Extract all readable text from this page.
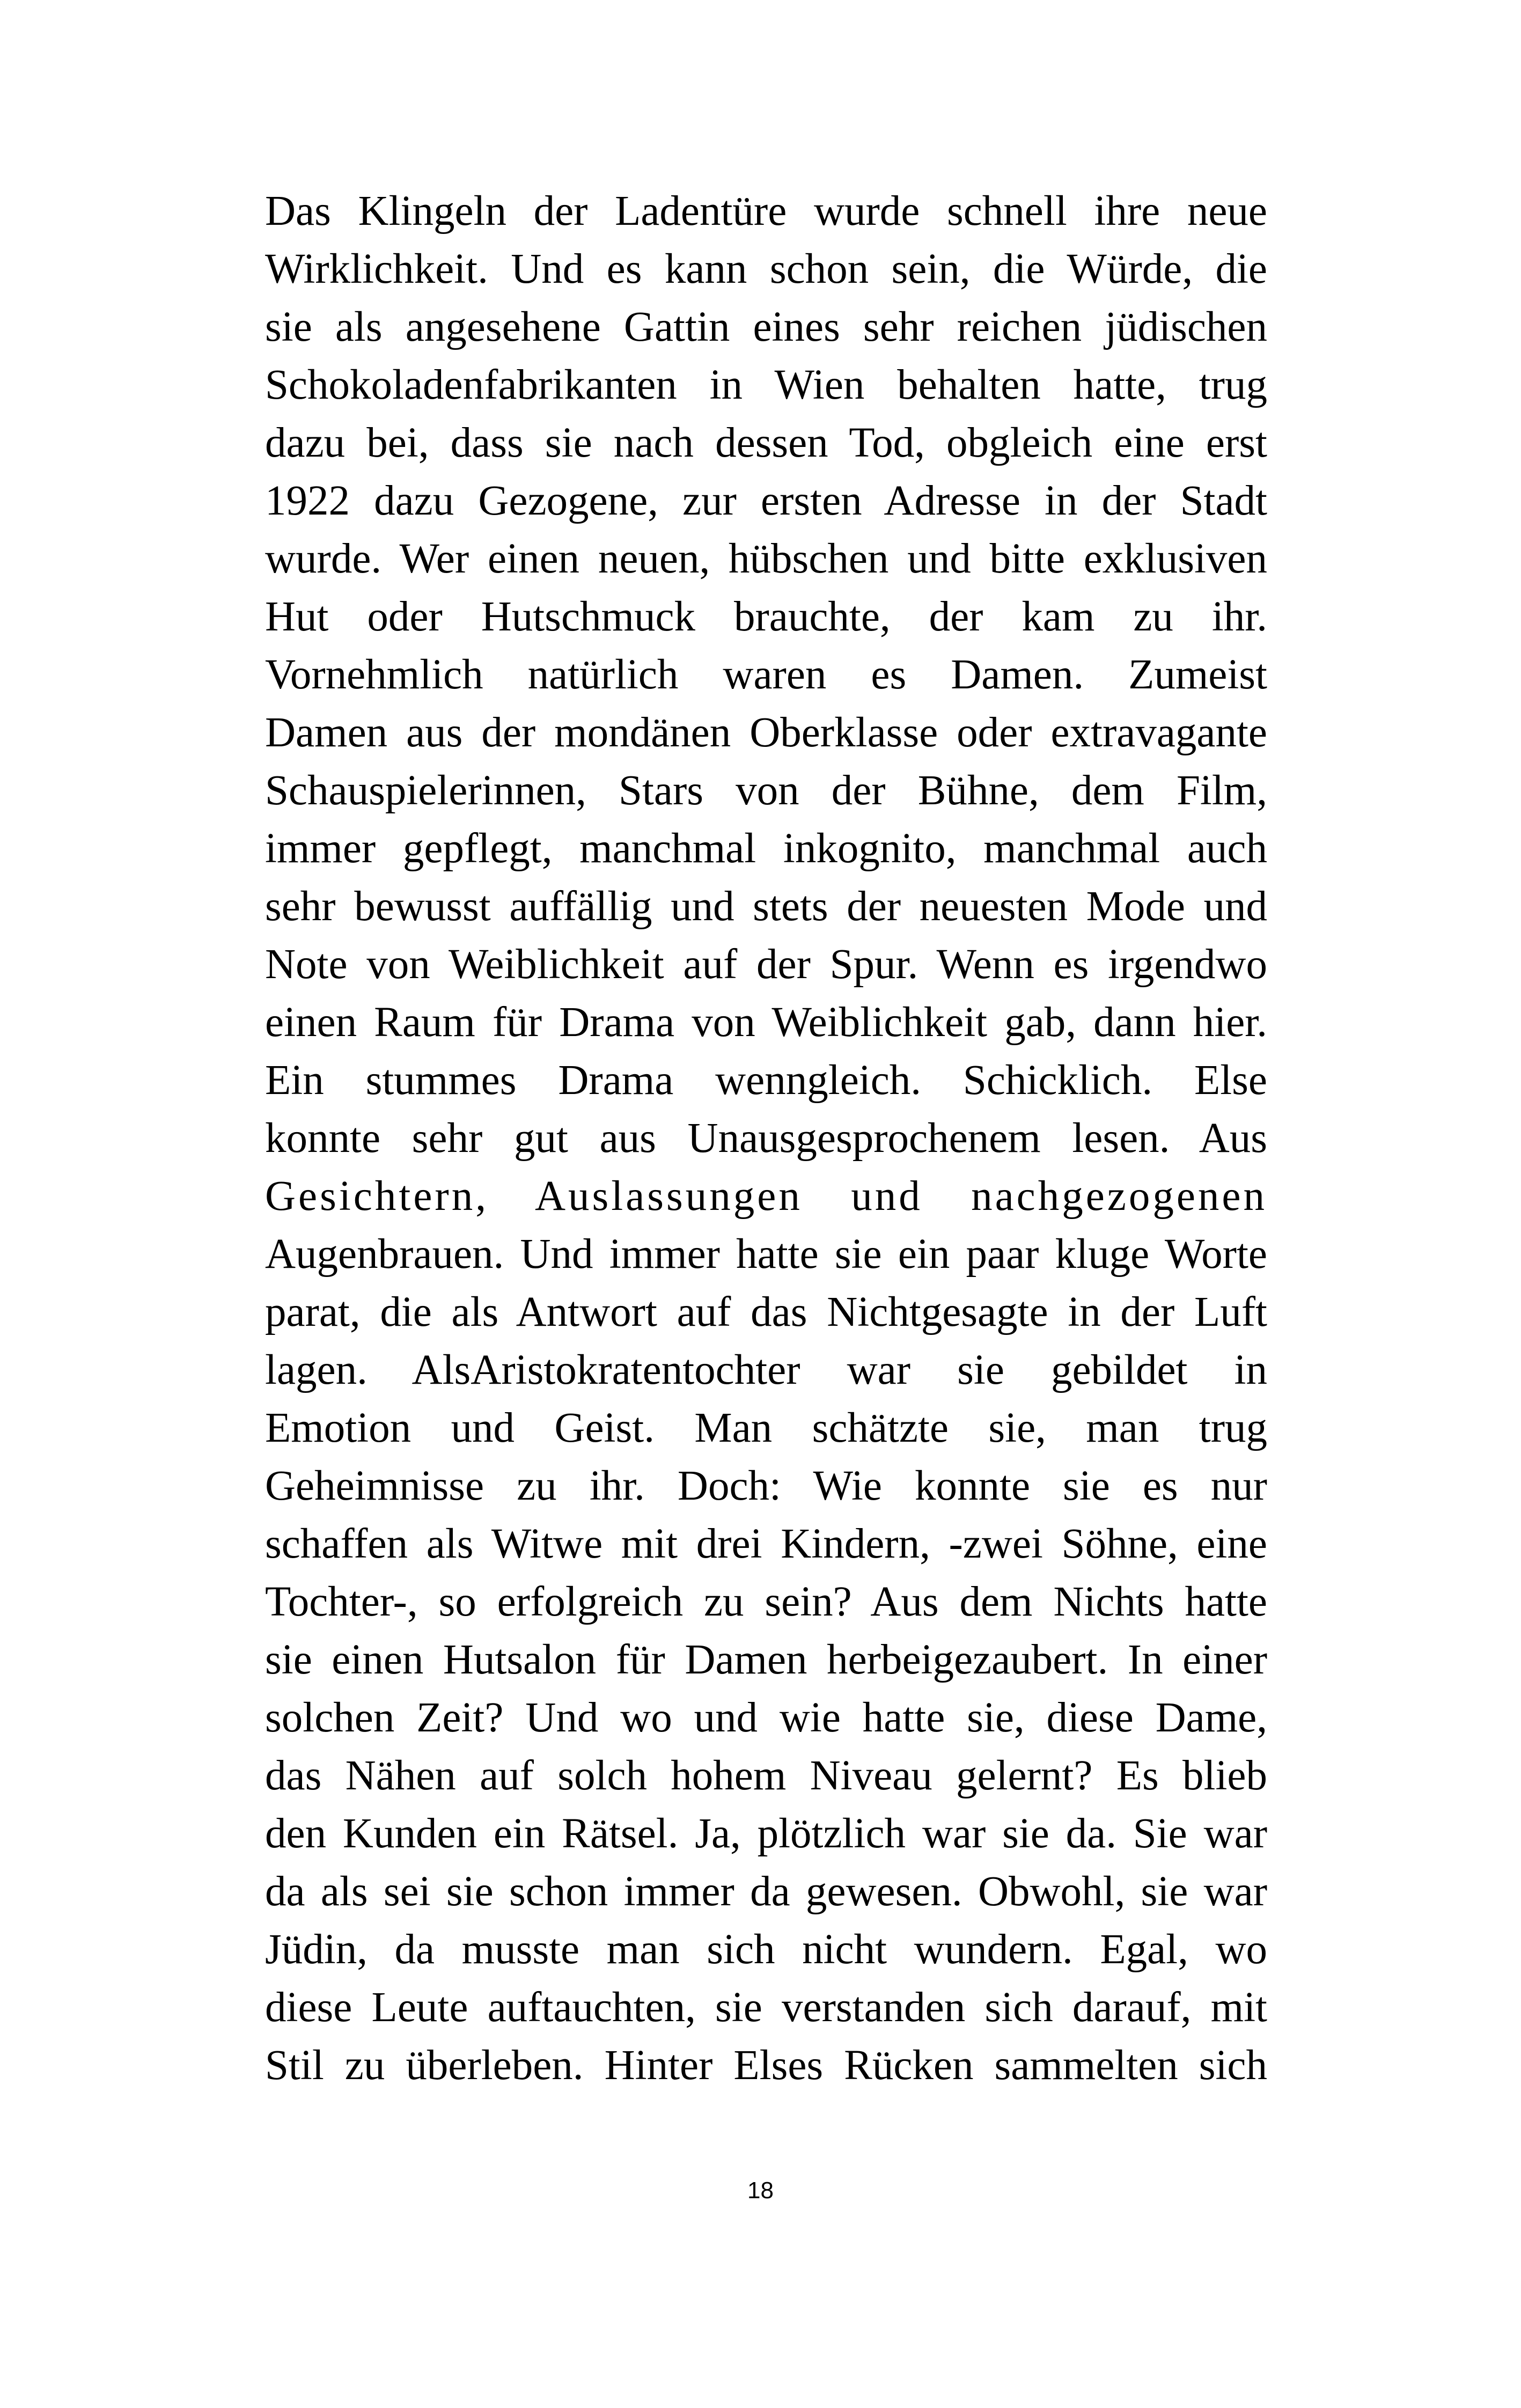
Das Klingeln der Ladentüre wurde schnell ihre neue
Wirklichkeit. Und es kann schon sein, die Würde, die
sie als angesehene Gattin eines sehr reichen jüdischen
Schokoladenfabrikanten in Wien behalten hatte, trug
dazu bei, dass sie nach dessen Tod, obgleich eine erst
1922 dazu Gezogene, zur ersten Adresse in der Stadt
wurde. Wer einen neuen, hübschen und bitte exklusiven
Hut oder Hutschmuck brauchte, der kam zu ihr.
Vornehmlich natürlich waren es Damen. Zumeist
Damen aus der mondänen Oberklasse oder extravagante
Schauspielerinnen, Stars von der Bühne, dem Film,
immer gepflegt, manchmal inkognito, manchmal auch
sehr bewusst auffällig und stets der neuesten Mode und
Note von Weiblichkeit auf der Spur. Wenn es irgendwo
einen Raum für Drama von Weiblichkeit gab, dann hier.
Ein stummes Drama wenngleich. Schicklich. Else
konnte sehr gut aus Unausgesprochenem lesen. Aus
Gesichtern, Auslassungen und nachgezogenen
Augenbrauen. Und immer hatte sie ein paar kluge Worte
parat, die als Antwort auf das Nichtgesagte in der Luft
lagen. AlsAristokratentochter war sie gebildet in
Emotion und Geist. Man schätzte sie, man trug
Geheimnisse zu ihr. Doch: Wie konnte sie es nur
schaffen als Witwe mit drei Kindern, -zwei Söhne, eine
Tochter-, so erfolgreich zu sein? Aus dem Nichts hatte
sie einen Hutsalon für Damen herbeigezaubert. In einer
solchen Zeit? Und wo und wie hatte sie, diese Dame,
das Nähen auf solch hohem Niveau gelernt? Es blieb
den Kunden ein Rätsel. Ja, plötzlich war sie da. Sie war
da als sei sie schon immer da gewesen. Obwohl, sie war
Jüdin, da musste man sich nicht wundern. Egal, wo
diese Leute auftauchten, sie verstanden sich darauf, mit
Stil zu überleben. Hinter Elses Rücken sammelten sich
18
